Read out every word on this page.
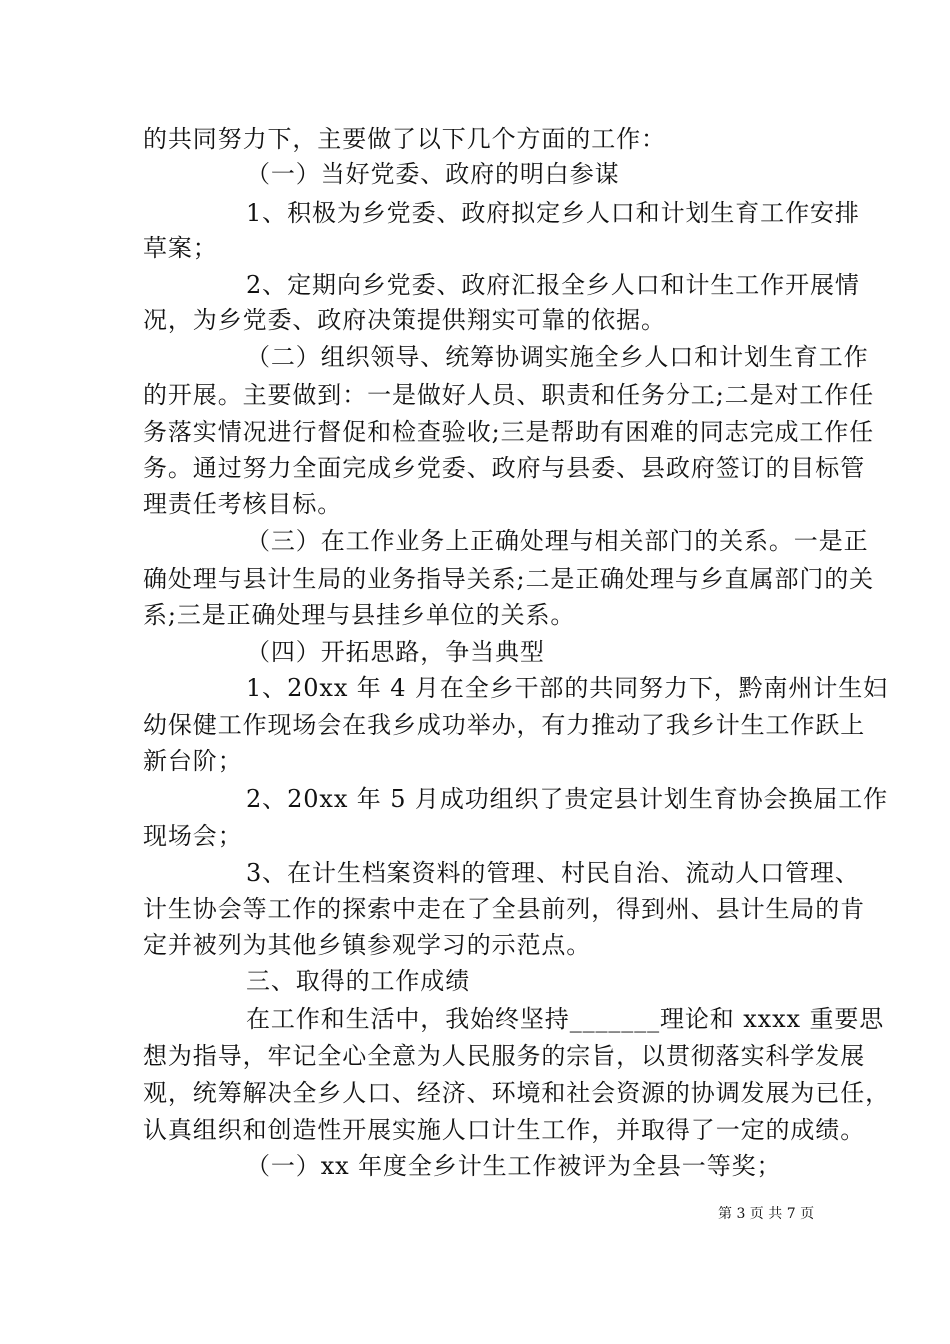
的共同努力下，主要做了以下几个方面的工作：
（一）当好党委、政府的明白参谋
1、积极为乡党委、政府拟定乡人口和计划生育工作安排
草案；
2、定期向乡党委、政府汇报全乡人口和计生工作开展情
况，为乡党委、政府决策提供翔实可靠的依据。
（二）组织领导、统筹协调实施全乡人口和计划生育工作
的开展。主要做到：一是做好人员、职责和任务分工;二是对工作任
务落实情况进行督促和检查验收;三是帮助有困难的同志完成工作任
务。通过努力全面完成乡党委、政府与县委、县政府签订的目标管
理责任考核目标。
（三）在工作业务上正确处理与相关部门的关系。一是正
确处理与县计生局的业务指导关系;二是正确处理与乡直属部门的关
系;三是正确处理与县挂乡单位的关系。
（四）开拓思路，争当典型
1、20xx 年 4 月在全乡干部的共同努力下，黔南州计生妇
幼保健工作现场会在我乡成功举办，有力推动了我乡计生工作跃上
新台阶；
2、20xx 年 5 月成功组织了贵定县计划生育协会换届工作
现场会；
3、在计生档案资料的管理、村民自治、流动人口管理、
计生协会等工作的探索中走在了全县前列，得到州、县计生局的肯
定并被列为其他乡镇参观学习的示范点。
三、取得的工作成绩
在工作和生活中，我始终坚持_______理论和 xxxx 重要思
想为指导，牢记全心全意为人民服务的宗旨，以贯彻落实科学发展
观，统筹解决全乡人口、经济、环境和社会资源的协调发展为已任，
认真组织和创造性开展实施人口计生工作，并取得了一定的成绩。
（一）xx 年度全乡计生工作被评为全县一等奖；
第 3 页 共 7 页
